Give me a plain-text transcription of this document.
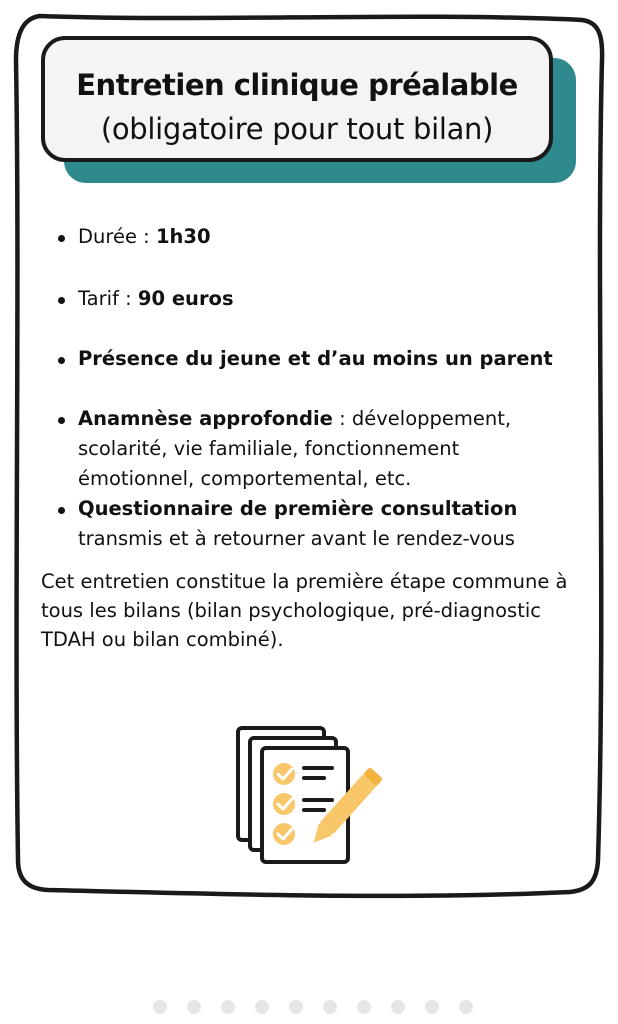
Entretien clinique préalable
(obligatoire pour tout bilan)
Durée : 1h30
Tarif : 90 euros
Présence du jeune et d’au moins un parent
Anamnèse approfondie : développement, scolarité, vie familiale, fonctionnement émotionnel, comportemental, etc.
Questionnaire de première consultation transmis et à retourner avant le rendez-vous
Cet entretien constitue la première étape commune à tous les bilans (bilan psychologique, pré-diagnostic TDAH ou bilan combiné).
